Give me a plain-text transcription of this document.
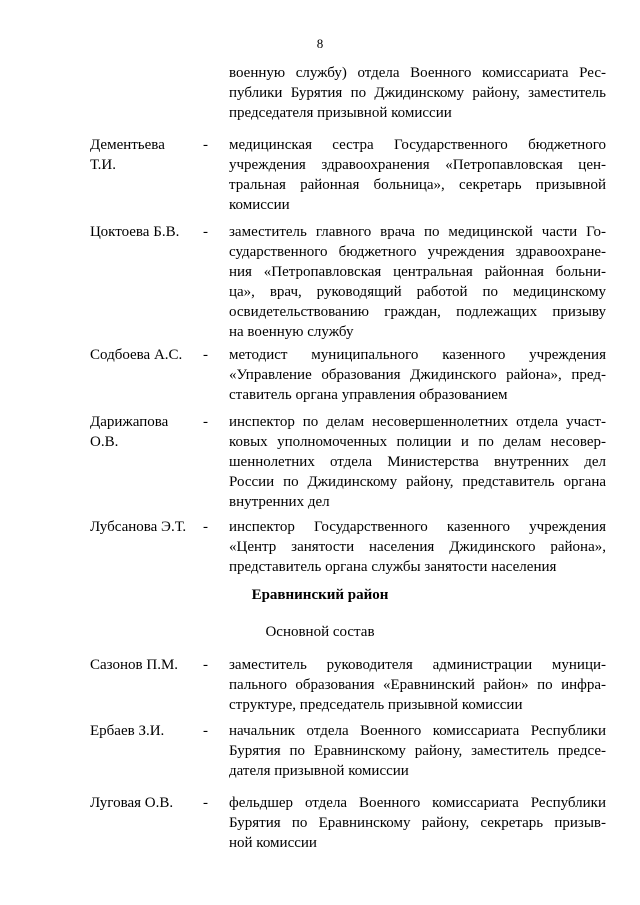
8
военную службу) отдела Военного комиссариата Рес-
публики Бурятия по Джидинскому району, заместитель
председателя призывной комиссии
Дементьева
Т.И.
- медицинская сестра Государственного бюджетного
учреждения здравоохранения «Петропавловская цен-
тральная районная больница», секретарь призывной
комиссии
Цоктоева Б.В. - заместитель главного врача по медицинской части Го-
сударственного бюджетного учреждения здравоохране-
ния «Петропавловская центральная районная больни-
ца», врач, руководящий работой по медицинскому
освидетельствованию граждан, подлежащих призыву
на военную службу
Содбоева А.С. - методист муниципального казенного учреждения
«Управление образования Джидинского района», пред-
ставитель органа управления образованием
Дарижапова
О.В.
- инспектор по делам несовершеннолетних отдела участ-
ковых уполномоченных полиции и по делам несовер-
шеннолетних отдела Министерства внутренних дел
России по Джидинскому району, представитель органа
внутренних дел
Лубсанова Э.Т. - инспектор Государственного казенного учреждения
«Центр занятости населения Джидинского района»,
представитель органа службы занятости населения
Еравнинский район
Основной состав
Сазонов П.М. - заместитель руководителя администрации муници-
пального образования «Еравнинский район» по инфра-
структуре, председатель призывной комиссии
Ербаев З.И.	- начальник отдела Военного комиссариата Республики
Бурятия по Еравнинскому району, заместитель предсе-
дателя призывной комиссии
Луговая О.В. - фельдшер отдела Военного комиссариата Республики
Бурятия по Еравнинскому району, секретарь призыв-
ной комиссии
